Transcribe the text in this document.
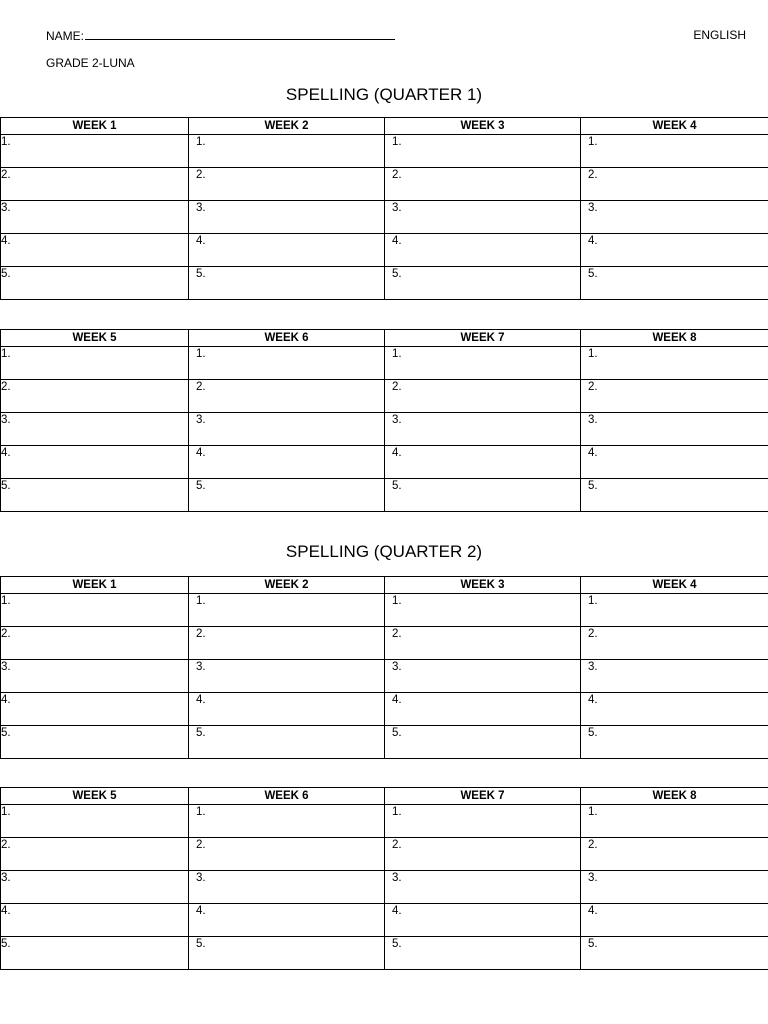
NAME:	ENGLISH
GRADE 2-LUNA
SPELLING (QUARTER 1)
SPELLING (QUARTER 2)
WEEK 1	WEEK 2	WEEK 3	WEEK 4
1.	1.	1.	1.
2.	2.	2.	2.
3.	3.	3.	3.
4.	4.	4.	4.
5.	5.	5.	5.
WEEK 5	WEEK 6	WEEK 7	WEEK 8
1.	1.	1.	1.
2.	2.	2.	2.
3.	3.	3.	3.
4.	4.	4.	4.
5.	5.	5.	5.
WEEK 1	WEEK 2	WEEK 3	WEEK 4
1.	1.	1.	1.
2.	2.	2.	2.
3.	3.	3.	3.
4.	4.	4.	4.
5.	5.	5.	5.
WEEK 5	WEEK 6	WEEK 7	WEEK 8
1.	1.	1.	1.
2.	2.	2.	2.
3.	3.	3.	3.
4.	4.	4.	4.
5.	5.	5.	5.
